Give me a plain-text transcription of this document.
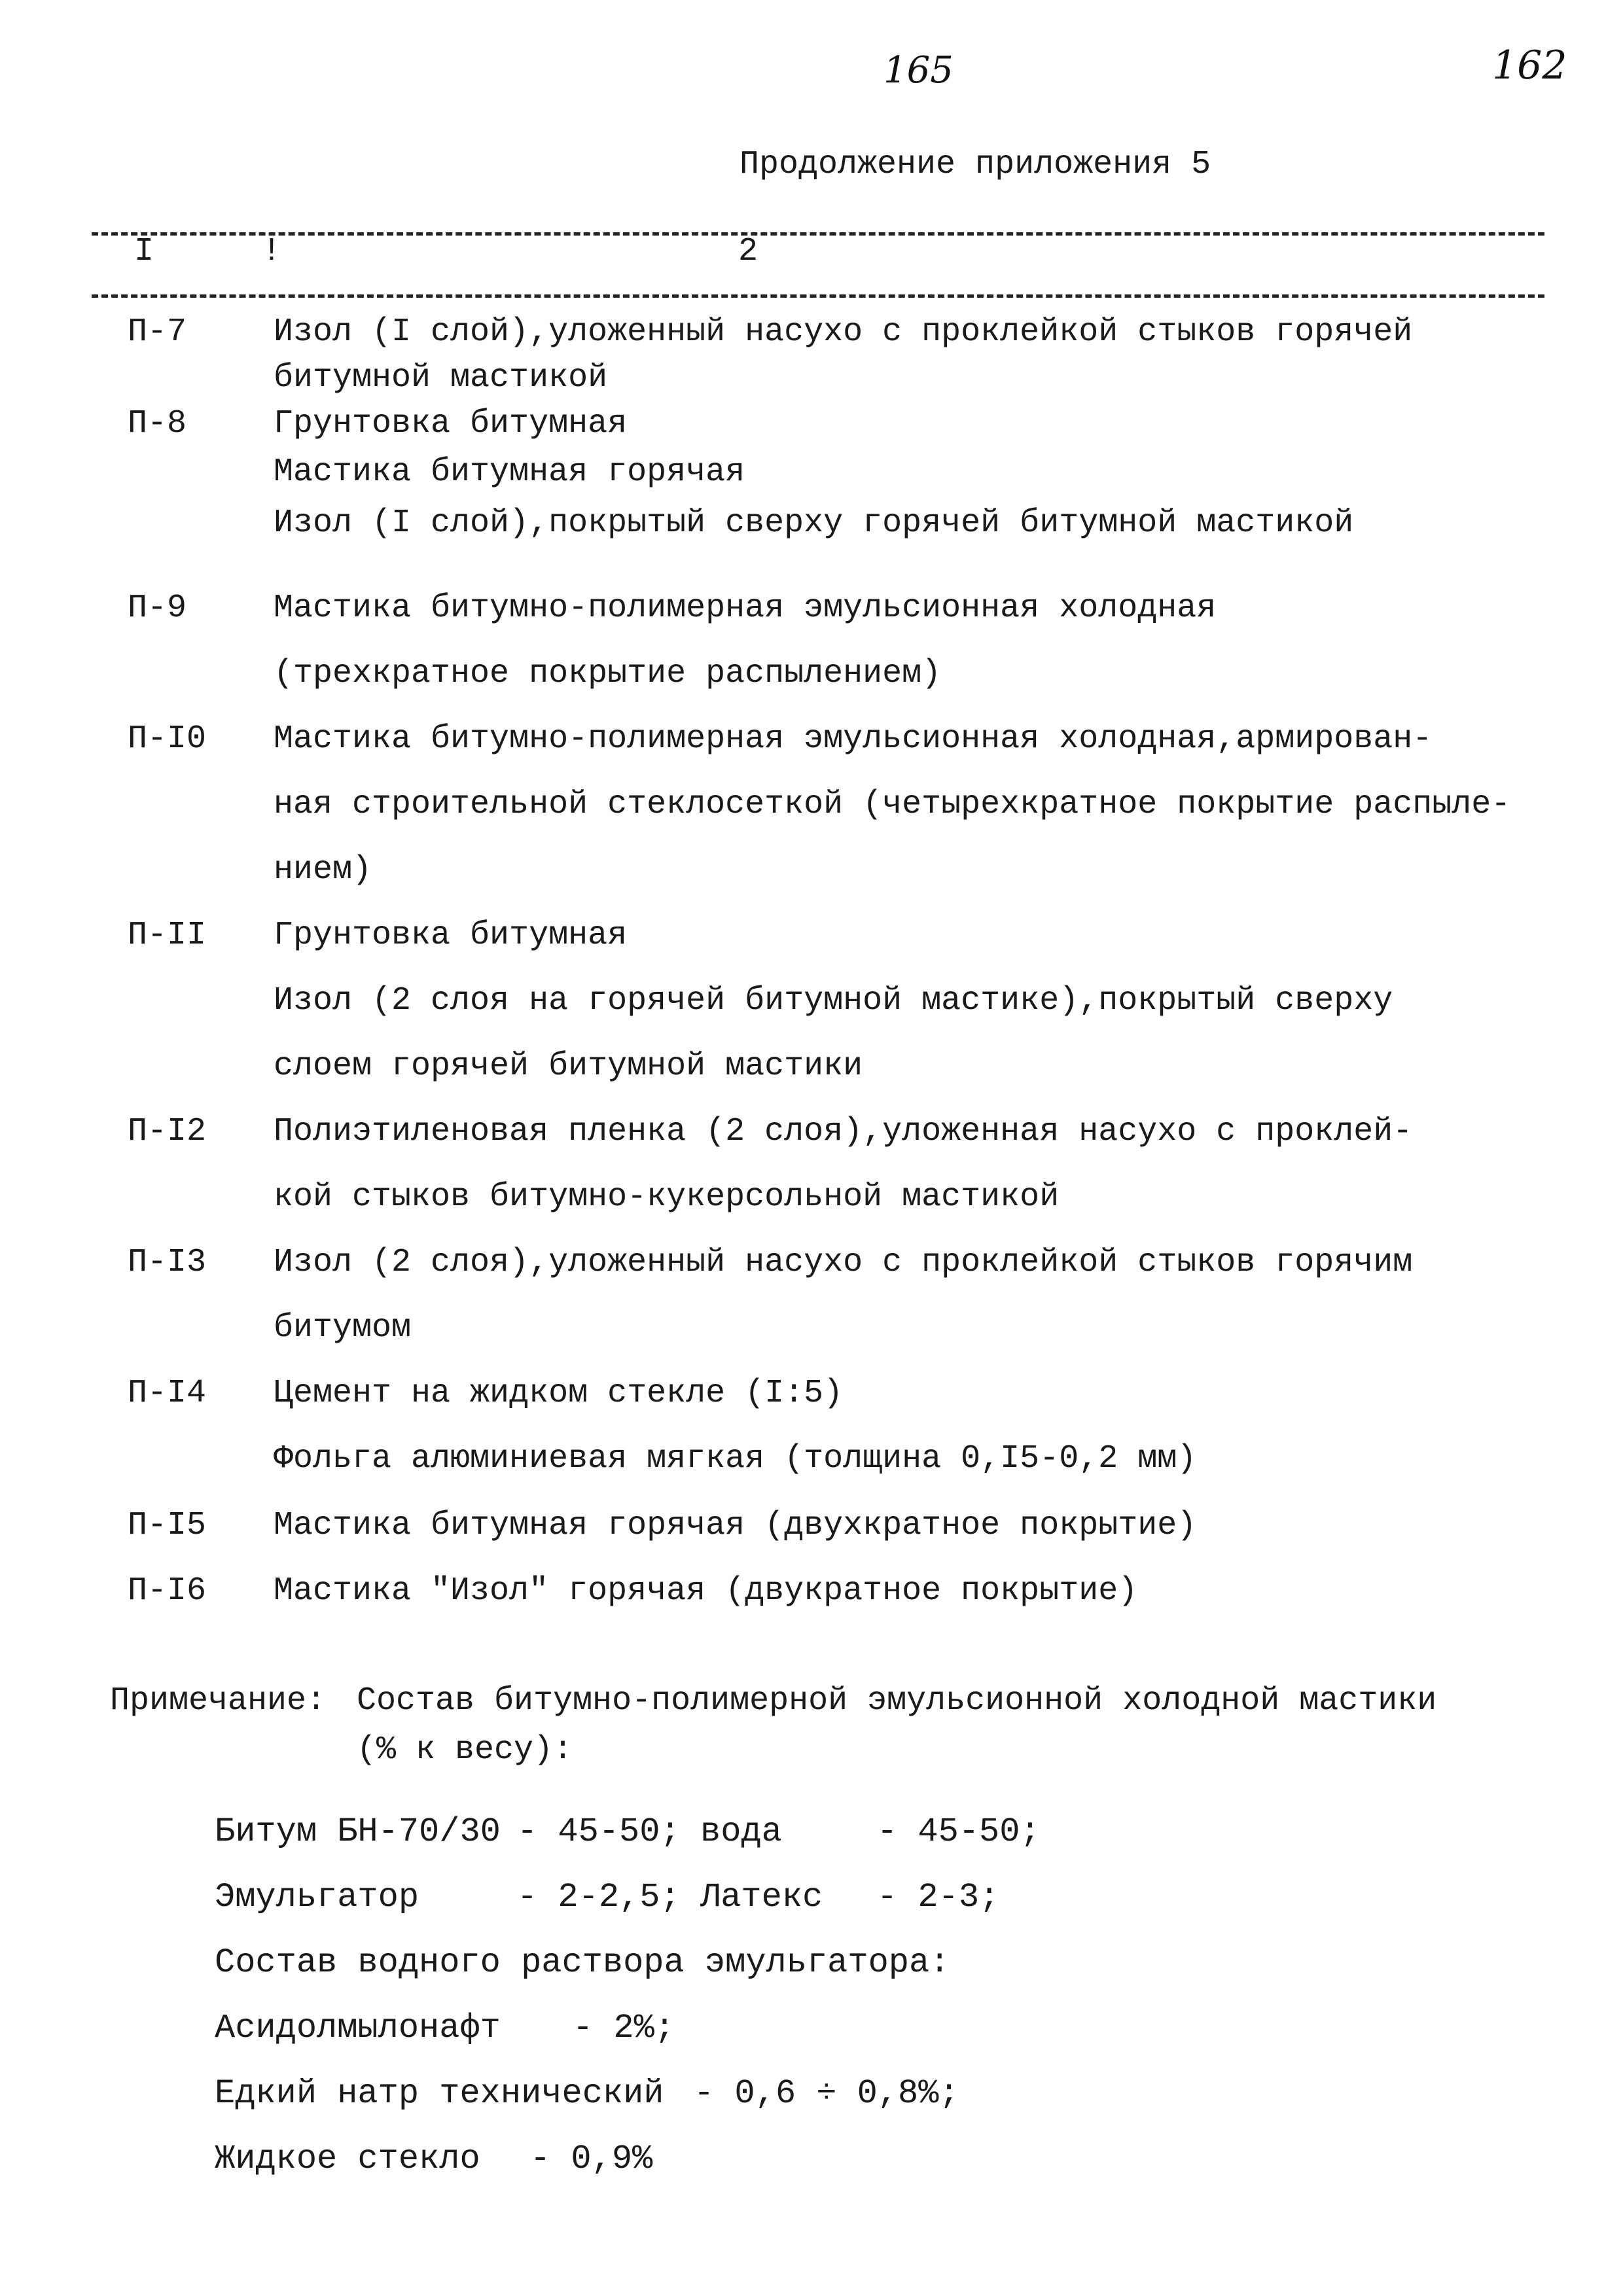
165	162
Продолжение приложения 5
I	!	2
П-7	Изол (I слой),уложенный насухо с проклейкой стыков горячей
битумной мастикой
П-8	Грунтовка битумная
Мастика битумная горячая
Изол (I слой),покрытый сверху горячей битумной мастикой
П-9	Мастика битумно-полимерная эмульсионная холодная
(трехкратное покрытие распылением)
П-I0 Мастика битумно-полимерная эмульсионная холодная,армирован-
ная строительной стеклосеткой (четырехкратное покрытие распыле-
нием)
П-II Грунтовка битумная
Изол (2 слоя на горячей битумной мастике),покрытый сверху
слоем горячей битумной мастики
П-I2 Полиэтиленовая пленка (2 слоя),уложенная насухо с проклей-
кой стыков битумно-кукерсольной мастикой
П-I3 Изол (2 слоя),уложенный насухо с проклейкой стыков горячим
битумом
П-I4 Цемент на жидком стекле (I:5)
Фольга алюминиевая мягкая (толщина 0,I5-0,2 мм)
П-I5 Мастика битумная горячая (двухкратное покрытие)
П-I6 Мастика "Изол" горячая (двукратное покрытие)
Примечание: Состав битумно-полимерной эмульсионной холодной мастики
(% к весу):
Битум БН-70/30 - 45-50; вода	- 45-50;
Эмульгатор	- 2-2,5; Латекс - 2-3;
Состав водного раствора эмульгатора:
Асидолмылонафт - 2%;
Едкий натр технический - 0,6 ÷ 0,8%;
Жидкое стекло - 0,9%
